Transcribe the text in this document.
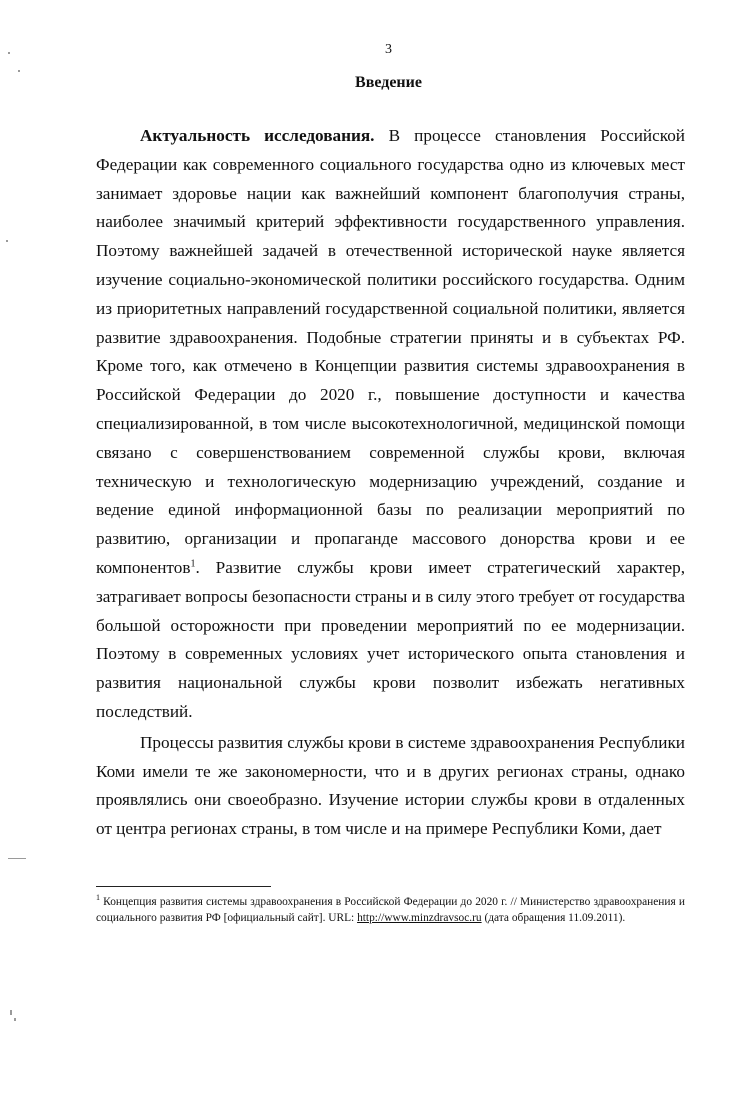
3
Введение

Актуальность исследования. В процессе становления Российской Федерации как современного социального государства одно из ключевых мест занимает здоровье нации как важнейший компонент благополучия страны, наиболее значимый критерий эффективности государственного управления. Поэтому важнейшей задачей в отечественной исторической науке является изучение социально-экономической политики российского государства. Одним из приоритетных направлений государственной социальной политики, является развитие здравоохранения. Подобные стратегии приняты и в субъектах РФ. Кроме того, как отмечено в Концепции развития системы здравоохранения в Российской Федерации до 2020 г., повышение доступности и качества специализированной, в том числе высокотехнологичной, медицинской помощи связано с совершенствованием современной службы крови, включая техническую и технологическую модернизацию учреждений, создание и ведение единой информационной базы по реализации мероприятий по развитию, организации и пропаганде массового донорства крови и ее компонентов$^1$. Развитие службы крови имеет стратегический характер, затрагивает вопросы безопасности страны и в силу этого требует от государства большой осторожности при проведении мероприятий по ее модернизации. Поэтому в современных условиях учет исторического опыта становления и развития национальной службы крови позволит избежать негативных последствий.

Процессы развития службы крови в системе здравоохранения Республики Коми имели те же закономерности, что и в других регионах страны, однако проявлялись они своеобразно. Изучение истории службы крови в отдаленных от центра регионах страны, в том числе и на примере Республики Коми, дает

$^1$ Концепция развития системы здравоохранения в Российской Федерации до 2020 г. // Министерство здравоохранения и социального развития РФ [официальный сайт]. URL: http://www.minzdravsoc.ru (дата обращения 11.09.2011).
